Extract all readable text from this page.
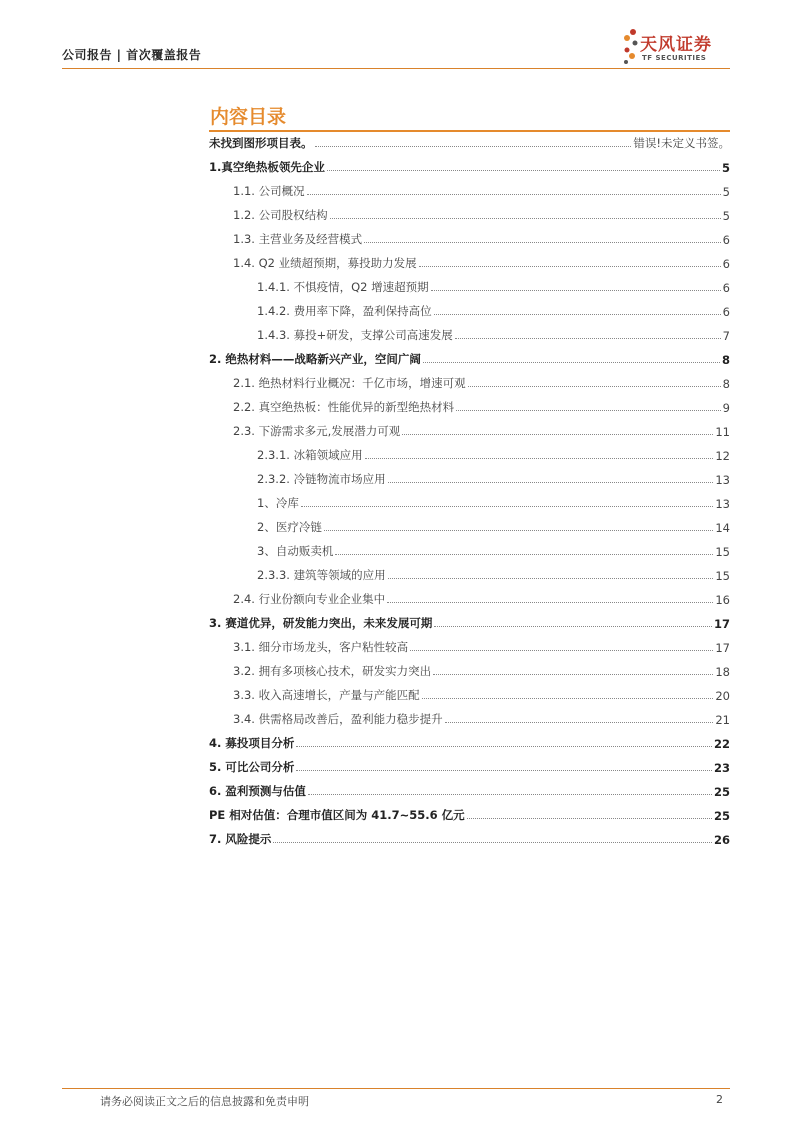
公司报告 | 首次覆盖报告	天风证券
TF SECURITIES
内容目录
未找到图形项目表。	错误!未定义书签。
1.真空绝热板领先企业	5
1.1. 公司概况	5
1.2. 公司股权结构	5
1.3. 主营业务及经营模式	6
1.4. Q2 业绩超预期，募投助力发展	6
1.4.1. 不惧疫情，Q2 增速超预期	6
1.4.2. 费用率下降，盈利保持高位	6
1.4.3. 募投+研发，支撑公司高速发展	7
2. 绝热材料——战略新兴产业，空间广阔	8
2.1. 绝热材料行业概况：千亿市场，增速可观	8
2.2. 真空绝热板：性能优异的新型绝热材料	9
2.3. 下游需求多元,发展潜力可观	11
2.3.1. 冰箱领域应用	12
2.3.2. 冷链物流市场应用	13
1、冷库	13
2、医疗冷链	14
3、自动贩卖机	15
2.3.3. 建筑等领域的应用	15
2.4. 行业份额向专业企业集中	16
3. 赛道优异，研发能力突出，未来发展可期	17
3.1. 细分市场龙头，客户粘性较高	17
3.2. 拥有多项核心技术，研发实力突出	18
3.3. 收入高速增长，产量与产能匹配	20
3.4. 供需格局改善后，盈利能力稳步提升	21
4. 募投项目分析	22
5. 可比公司分析	23
6. 盈利预测与估值	25
PE 相对估值：合理市值区间为 41.7~55.6 亿元	25
7. 风险提示	26
请务必阅读正文之后的信息披露和免责申明	2
